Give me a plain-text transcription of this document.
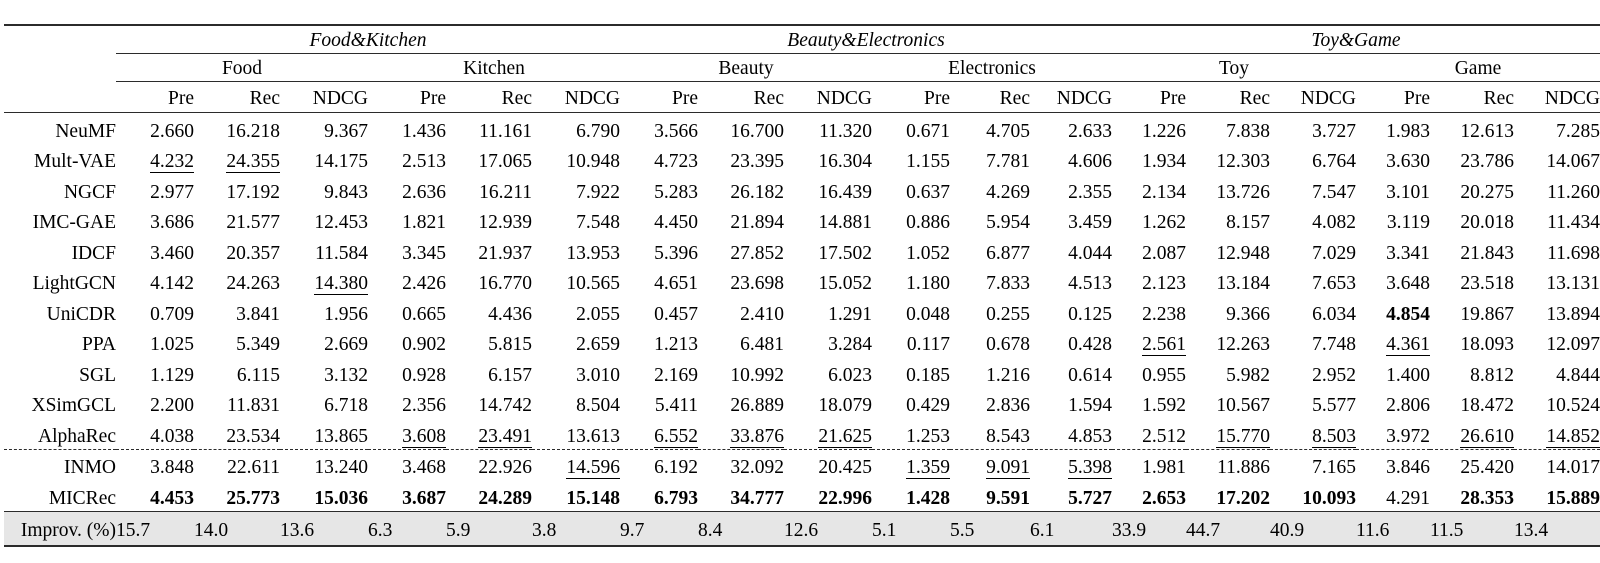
	Food&Kitchen						Beauty&Electronics						Toy&Game					
	Food			Kitchen			Beauty			Electronics			Toy			Game		
	Pre	Rec	NDCG	Pre	Rec	NDCG	Pre	Rec	NDCG	Pre	Rec	NDCG	Pre	Rec	NDCG	Pre	Rec	NDCG

NeuMF	2.660	16.218	9.367	1.436	11.161	6.790	3.566	16.700	11.320	0.671	4.705	2.633	1.226	7.838	3.727	1.983	12.613	7.285
Mult-VAE	4.232	24.355	14.175	2.513	17.065	10.948	4.723	23.395	16.304	1.155	7.781	4.606	1.934	12.303	6.764	3.630	23.786	14.067
NGCF	2.977	17.192	9.843	2.636	16.211	7.922	5.283	26.182	16.439	0.637	4.269	2.355	2.134	13.726	7.547	3.101	20.275	11.260
IMC-GAE	3.686	21.577	12.453	1.821	12.939	7.548	4.450	21.894	14.881	0.886	5.954	3.459	1.262	8.157	4.082	3.119	20.018	11.434
IDCF	3.460	20.357	11.584	3.345	21.937	13.953	5.396	27.852	17.502	1.052	6.877	4.044	2.087	12.948	7.029	3.341	21.843	11.698
LightGCN	4.142	24.263	14.380	2.426	16.770	10.565	4.651	23.698	15.052	1.180	7.833	4.513	2.123	13.184	7.653	3.648	23.518	13.131
UniCDR	0.709	3.841	1.956	0.665	4.436	2.055	0.457	2.410	1.291	0.048	0.255	0.125	2.238	9.366	6.034	4.854	19.867	13.894
PPA	1.025	5.349	2.669	0.902	5.815	2.659	1.213	6.481	3.284	0.117	0.678	0.428	2.561	12.263	7.748	4.361	18.093	12.097
SGL	1.129	6.115	3.132	0.928	6.157	3.010	2.169	10.992	6.023	0.185	1.216	0.614	0.955	5.982	2.952	1.400	8.812	4.844
XSimGCL	2.200	11.831	6.718	2.356	14.742	8.504	5.411	26.889	18.079	0.429	2.836	1.594	1.592	10.567	5.577	2.806	18.472	10.524
AlphaRec	4.038	23.534	13.865	3.608	23.491	13.613	6.552	33.876	21.625	1.253	8.543	4.853	2.512	15.770	8.503	3.972	26.610	14.852

INMO	3.848	22.611	13.240	3.468	22.926	14.596	6.192	32.092	20.425	1.359	9.091	5.398	1.981	11.886	7.165	3.846	25.420	14.017
MICRec	4.453	25.773	15.036	3.687	24.289	15.148	6.793	34.777	22.996	1.428	9.591	5.727	2.653	17.202	10.093	4.291	28.353	15.889

Improv. (%)	15.7	14.0	13.6	6.3	5.9	3.8	9.7	8.4	12.6	5.1	5.5	6.1	33.9	44.7	40.9	11.6	11.5	13.4
